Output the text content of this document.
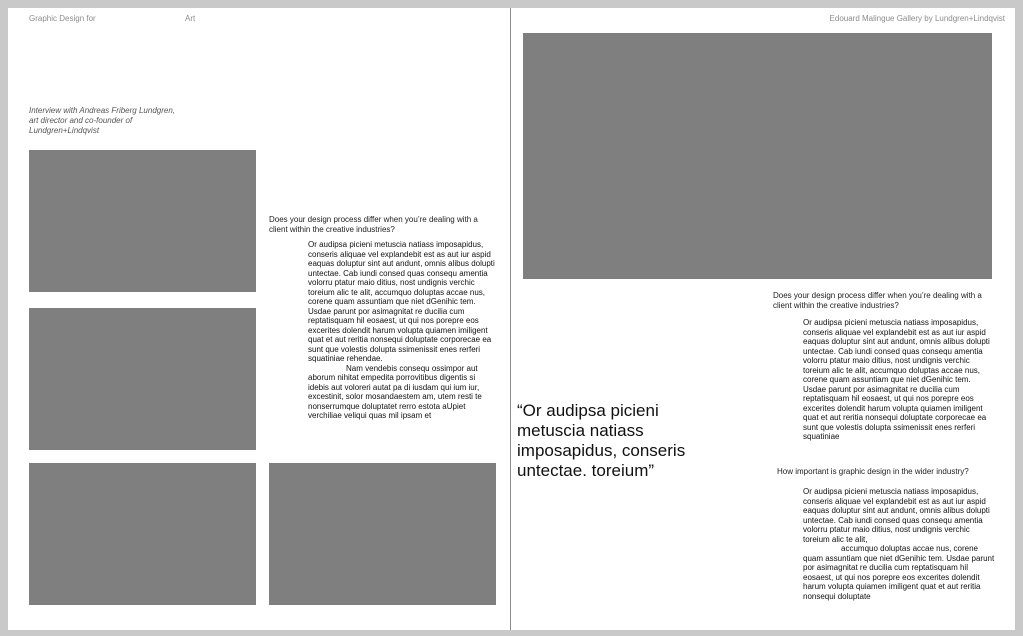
Graphic Design for	Art
Interview with Andreas Friberg Lundgren, art director and co-founder of Lundgren+Lindqvist
Does your design process differ when you’re dealing with a client within the creative industries?

Or audipsa picieni metuscia natiass imposapidus, conseris aliquae vel explandebit est as aut iur aspid eaquas doluptur sint aut andunt, omnis alibus dolupti untectae. Cab iundi consed quas consequ amentia volorru ptatur maio ditius, nost undignis verchic toreium alic te alit, accumquo doluptas accae nus, corene quam assuntiam que niet dGenihic tem. Usdae parunt por asimagnitat re ducilia cum reptatisquam hil eosaest, ut qui nos porepre eos excerites dolendit harum volupta quiamen imiligent quat et aut reritia nonsequi doluptate corporecae ea sunt que volestis dolupta ssimenissit enes rerferi squatiniae rehendae.

Nam vendebis consequ ossimpor aut aborum nihitat empedita porrovitibus digentis si idebis aut voloreri autat pa di iusdam qui ium iur, excestinit, solor mosandaestem am, utem resti te nonserrumque doluptatet rerro estota aUpiet verchiliae veliqui quas mil ipsam et

Edouard Malingue Gallery by Lundgren+Lindqvist
“Or audipsa picieni metuscia natiass imposapidus, conseris untectae. toreium”
Does your design process differ when you’re dealing with a client within the creative industries?

Or audipsa picieni metuscia natiass imposapidus, conseris aliquae vel explandebit est as aut iur aspid eaquas doluptur sint aut andunt, omnis alibus dolupti untectae. Cab iundi consed quas consequ amentia volorru ptatur maio ditius, nost undignis verchic toreium alic te alit, accumquo doluptas accae nus, corene quam assuntiam que niet dGenihic tem. Usdae parunt por asimagnitat re ducilia cum reptatisquam hil eosaest, ut qui nos porepre eos excerites dolendit harum volupta quiamen imiligent quat et aut reritia nonsequi doluptate corporecae ea sunt que volestis dolupta ssimenissit enes rerferi squatiniae

How important is graphic design in the wider industry?

Or audipsa picieni metuscia natiass imposapidus, conseris aliquae vel explandebit est as aut iur aspid eaquas doluptur sint aut andunt, omnis alibus dolupti untectae. Cab iundi consed quas consequ amentia volorru ptatur maio ditius, nost undignis verchic toreium alic te alit,

accumquo doluptas accae nus, corene quam assuntiam que niet dGenihic tem. Usdae parunt por asimagnitat re ducilia cum reptatisquam hil eosaest, ut qui nos porepre eos excerites dolendit harum volupta quiamen imiligent quat et aut reritia nonsequi doluptate
